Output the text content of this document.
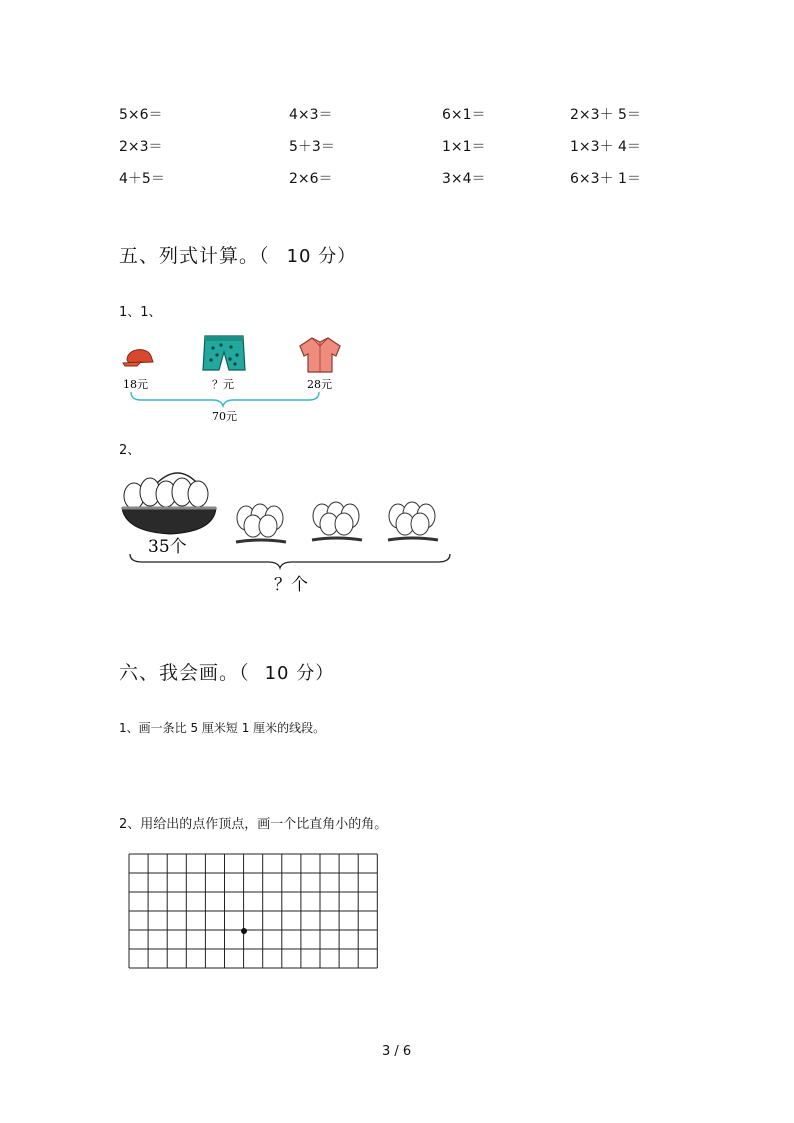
5×6＝	4×3＝	6×1＝	2×3＋ 5＝
2×3＝	5＋3＝	1×1＝	1×3＋ 4＝
4＋5＝	2×6＝	3×4＝	6×3＋ 1＝
五、列式计算。（ 10 分）
1、1、
18元	？元	28元
70元
2、
35个
？个
六、我会画。（ 10 分）
1、画一条比 5 厘米短 1 厘米的线段。
2、用给出的点作顶点，画一个比直角小的角。
3 / 6
